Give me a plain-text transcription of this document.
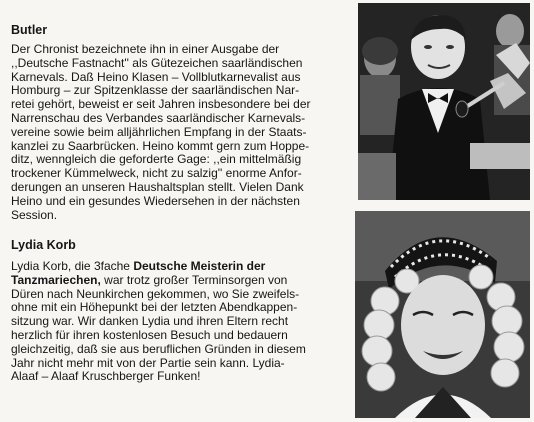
Butler

Der Chronist bezeichnete ihn in einer Ausgabe der
,,Deutsche Fastnacht'' als Gütezeichen saarländischen
Karnevals. Daß Heino Klasen – Vollblutkarnevalist aus
Homburg – zur Spitzenklasse der saarländischen Nar-
retei gehört, beweist er seit Jahren insbesondere bei der
Narrenschau des Verbandes saarländischer Karnevals-
vereine sowie beim alljährlichen Empfang in der Staats-
kanzlei zu Saarbrücken. Heino kommt gern zum Hoppe-
ditz, wenngleich die geforderte Gage: ,,ein mittelmäßig
trockener Kümmelweck, nicht zu salzig'' enorme Anfor-
derungen an unseren Haushaltsplan stellt. Vielen Dank
Heino und ein gesundes Wiedersehen in der nächsten
Session.

Lydia Korb

Lydia Korb, die 3fache Deutsche Meisterin der
Tanzmariechen, war trotz großer Terminsorgen von
Düren nach Neunkirchen gekommen, wo Sie zweifels-
ohne mit ein Höhepunkt bei der letzten Abendkappen-
sitzung war. Wir danken Lydia und ihren Eltern recht
herzlich für ihren kostenlosen Besuch und bedauern
gleichzeitig, daß sie aus beruflichen Gründen in diesem
Jahr nicht mehr mit von der Partie sein kann. Lydia-
Alaaf – Alaaf Kruschberger Funken!
